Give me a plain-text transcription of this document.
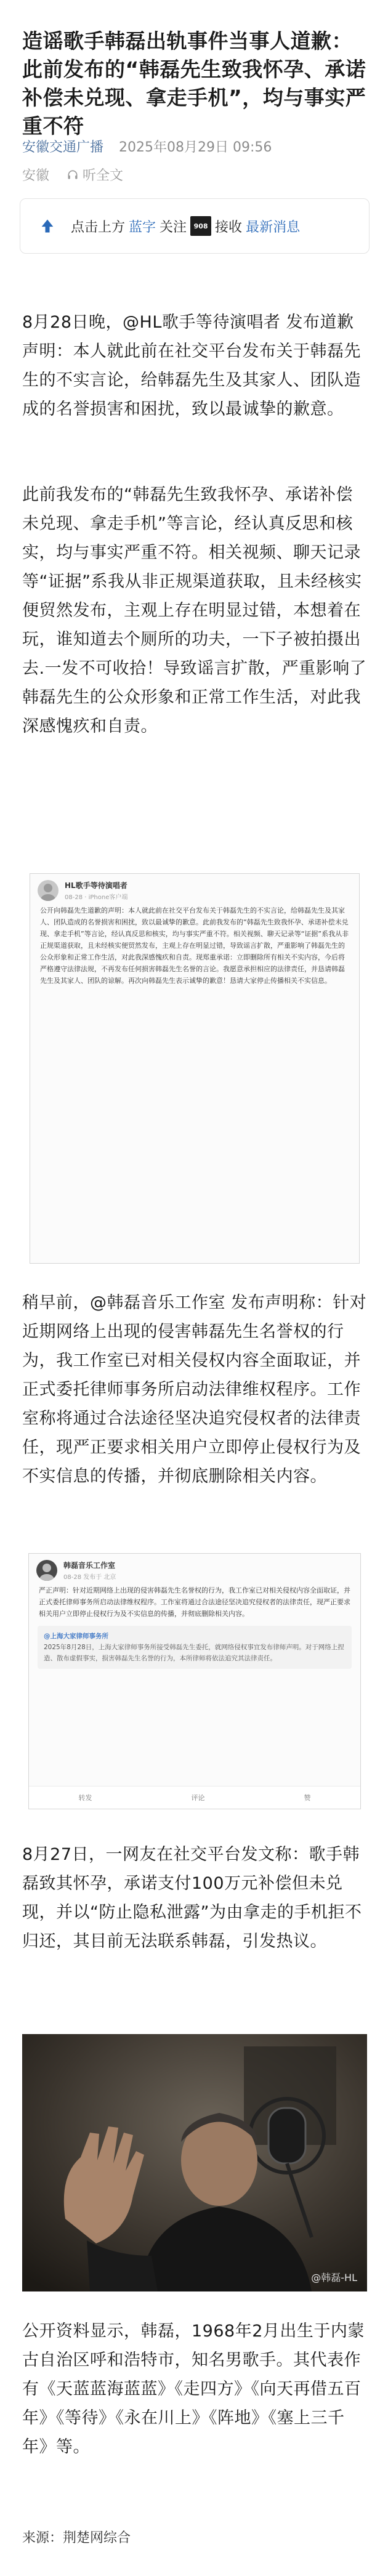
造谣歌手韩磊出轨事件当事人道歉：此前发布的“韩磊先生致我怀孕、承诺补偿未兑现、拿走手机”，均与事实严重不符
安徽交通广播 2025年08月29日 09:56
安徽 听全文
点击上方 蓝字 关注	908 接收 最新消息

8月28日晚，@HL歌手等待演唱者 发布道歉声明：本人就此前在社交平台发布关于韩磊先生的不实言论，给韩磊先生及其家人、团队造成的名誉损害和困扰，致以最诚挚的歉意。

此前我发布的“韩磊先生致我怀孕、承诺补偿未兑现、拿走手机”等言论，经认真反思和核实，均与事实严重不符。相关视频、聊天记录等“证据”系我从非正规渠道获取，且未经核实便贸然发布，主观上存在明显过错，本想着在玩，谁知道去个厕所的功夫，一下子被拍摄出去.一发不可收拾！导致谣言扩散，严重影响了韩磊先生的公众形象和正常工作生活，对此我深感愧疚和自责。

HL歌手等待演唱者
08-28 · iPhone客户端
公开向韩磊先生道歉的声明：本人就此前在社交平台发布关于韩磊先生的不实言论，给韩磊先生及其家人、团队造成的名誉损害和困扰，致以最诚挚的歉意。此前我发布的“韩磊先生致我怀孕、承诺补偿未兑现、拿走手机”等言论，经认真反思和核实，均与事实严重不符。相关视频、聊天记录等“证据”系我从非正规渠道获取，且未经核实便贸然发布，主观上存在明显过错，导致谣言扩散，严重影响了韩磊先生的公众形象和正常工作生活，对此我深感愧疚和自责。现郑重承诺：立即删除所有相关不实内容，今后将严格遵守法律法规，不再发布任何损害韩磊先生名誉的言论。我愿意承担相应的法律责任，并恳请韩磊先生及其家人、团队的谅解。再次向韩磊先生表示诚挚的歉意！恳请大家停止传播相关不实信息。

稍早前，@韩磊音乐工作室 发布声明称：针对近期网络上出现的侵害韩磊先生名誉权的行为，我工作室已对相关侵权内容全面取证，并正式委托律师事务所启动法律维权程序。工作室称将通过合法途径坚决追究侵权者的法律责任，现严正要求相关用户立即停止侵权行为及不实信息的传播，并彻底删除相关内容。

韩磊音乐工作室
08-28 发布于 北京
严正声明：针对近期网络上出现的侵害韩磊先生名誉权的行为，我工作室已对相关侵权内容全面取证，并正式委托律师事务所启动法律维权程序。工作室将通过合法途径坚决追究侵权者的法律责任，现严正要求相关用户立即停止侵权行为及不实信息的传播，并彻底删除相关内容。
@上海大家律师事务所
2025年8月28日，上海大家律师事务所接受韩磊先生委托，就网络侵权事宜发布律师声明。对于网络上捏造、散布虚假事实，损害韩磊先生名誉的行为，本所律师将依法追究其法律责任。
转发	评论	赞

8月27日，一网友在社交平台发文称：歌手韩磊致其怀孕，承诺支付100万元补偿但未兑现，并以“防止隐私泄露”为由拿走的手机拒不归还，其目前无法联系韩磊，引发热议。

@韩磊-HL

公开资料显示，韩磊，1968年2月出生于内蒙古自治区呼和浩特市，知名男歌手。其代表作有《天蓝蓝海蓝蓝》《走四方》《向天再借五百年》《等待》《永在川上》《阵地》《塞上三千年》等。

来源：荆楚网综合
